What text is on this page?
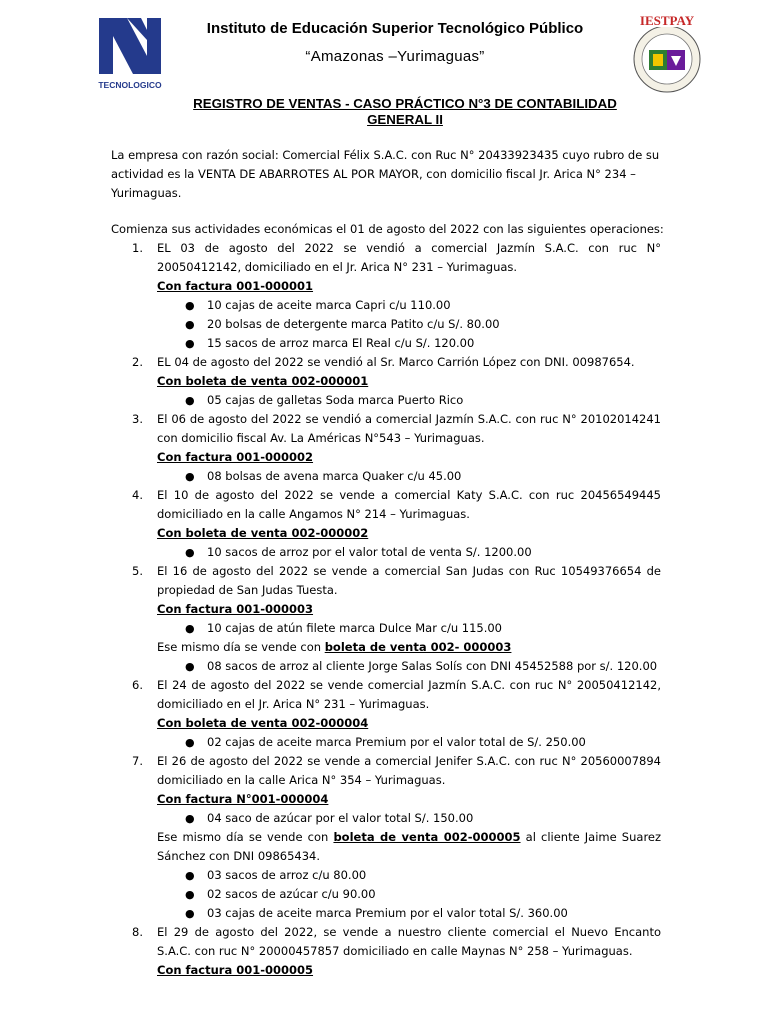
TECNOLOGICO
Instituto de Educación Superior Tecnológico Público
“Amazonas –Yurimaguas”
IESTPAY
REGISTRO DE VENTAS - CASO PRÁCTICO N°3 DE CONTABILIDAD GENERAL II
La empresa con razón social: Comercial Félix S.A.C. con Ruc N° 20433923435 cuyo rubro de su actividad es la VENTA DE ABARROTES AL POR MAYOR, con domicilio fiscal Jr. Arica N° 234 – Yurimaguas.
Comienza sus actividades económicas el 01 de agosto del 2022 con las siguientes operaciones:
1. EL 03 de agosto del 2022 se vendió a comercial Jazmín S.A.C. con ruc N° 20050412142, domiciliado en el Jr. Arica N° 231 – Yurimaguas.
Con factura 001-000001
● 10 cajas de aceite marca Capri c/u 110.00
● 20 bolsas de detergente marca Patito c/u S/. 80.00
● 15 sacos de arroz marca El Real c/u S/. 120.00
2. EL 04 de agosto del 2022 se vendió al Sr. Marco Carrión López con DNI. 00987654.
Con boleta de venta 002-000001
● 05 cajas de galletas Soda marca Puerto Rico
3. El 06 de agosto del 2022 se vendió a comercial Jazmín S.A.C. con ruc N° 20102014241 con domicilio fiscal Av. La Américas N°543 – Yurimaguas.
Con factura 001-000002
● 08 bolsas de avena marca Quaker c/u 45.00
4. El 10 de agosto del 2022 se vende a comercial Katy S.A.C. con ruc 20456549445 domiciliado en la calle Angamos N° 214 – Yurimaguas.
Con boleta de venta 002-000002
● 10 sacos de arroz por el valor total de venta S/. 1200.00
5. El 16 de agosto del 2022 se vende a comercial San Judas con Ruc 10549376654 de propiedad de San Judas Tuesta.
Con factura 001-000003
● 10 cajas de atún filete marca Dulce Mar c/u 115.00
Ese mismo día se vende con boleta de venta 002- 000003
● 08 sacos de arroz al cliente Jorge Salas Solís con DNI 45452588 por s/. 120.00
6. El 24 de agosto del 2022 se vende comercial Jazmín S.A.C. con ruc N° 20050412142, domiciliado en el Jr. Arica N° 231 – Yurimaguas.
Con boleta de venta 002-000004
● 02 cajas de aceite marca Premium por el valor total de S/. 250.00
7. El 26 de agosto del 2022 se vende a comercial Jenifer S.A.C. con ruc N° 20560007894 domiciliado en la calle Arica N° 354 – Yurimaguas.
Con factura N°001-000004
● 04 saco de azúcar por el valor total S/. 150.00
Ese mismo día se vende con boleta de venta 002-000005 al cliente Jaime Suarez Sánchez con DNI 09865434.
● 03 sacos de arroz c/u 80.00
● 02 sacos de azúcar c/u 90.00
● 03 cajas de aceite marca Premium por el valor total S/. 360.00
8. El 29 de agosto del 2022, se vende a nuestro cliente comercial el Nuevo Encanto S.A.C. con ruc N° 20000457857 domiciliado en calle Maynas N° 258 – Yurimaguas.
Con factura 001-000005
